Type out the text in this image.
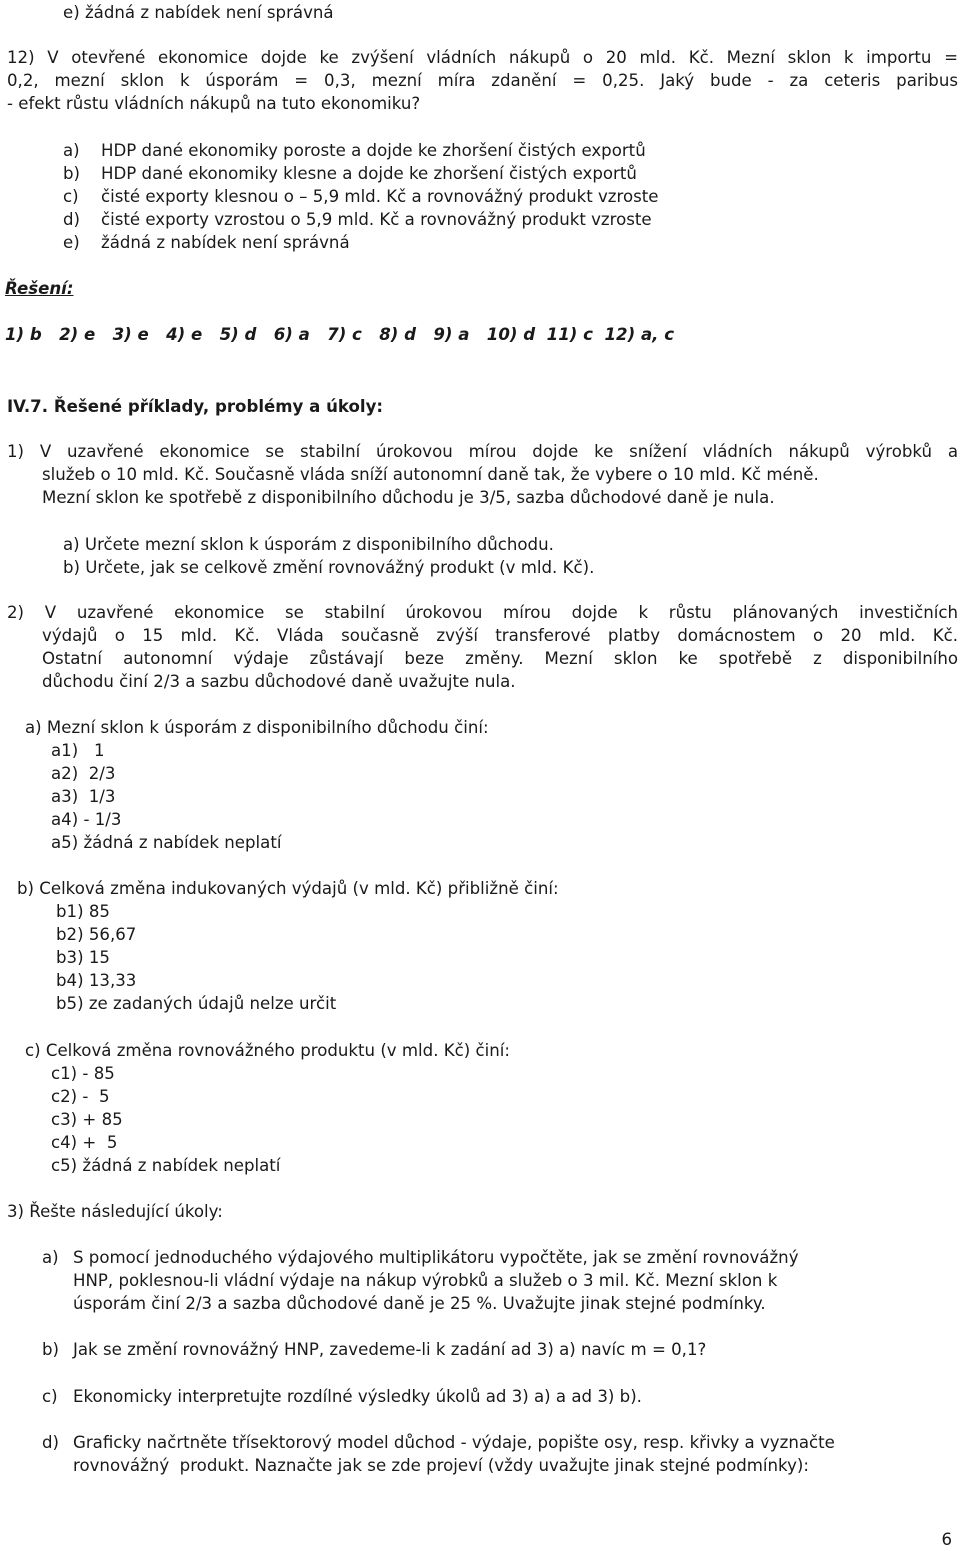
e) žádná z nabídek není správná
12) V otevřené ekonomice dojde ke zvýšení vládních nákupů o 20 mld. Kč. Mezní sklon k importu =
0,2, mezní sklon k úsporám = 0,3, mezní míra zdanění = 0,25. Jaký bude - za ceteris paribus
- efekt růstu vládních nákupů na tuto ekonomiku?
a) HDP dané ekonomiky poroste a dojde ke zhoršení čistých exportů
b) HDP dané ekonomiky klesne a dojde ke zhoršení čistých exportů
c) čisté exporty klesnou o – 5,9 mld. Kč a rovnovážný produkt vzroste
d) čisté exporty vzrostou o 5,9 mld. Kč a rovnovážný produkt vzroste
e) žádná z nabídek není správná
Řešení:
1) b   2) e   3) e   4) e   5) d   6) a   7) c   8) d   9) a   10) d  11) c  12) a, c
IV.7. Řešené příklady, problémy a úkoly:
1) V uzavřené ekonomice se stabilní úrokovou mírou dojde ke snížení vládních nákupů výrobků a
služeb o 10 mld. Kč. Současně vláda sníží autonomní daně tak, že vybere o 10 mld. Kč méně.
Mezní sklon ke spotřebě z disponibilního důchodu je 3/5, sazba důchodové daně je nula.
a) Určete mezní sklon k úsporám z disponibilního důchodu.
b) Určete, jak se celkově změní rovnovážný produkt (v mld. Kč).
2) V uzavřené ekonomice se stabilní úrokovou mírou dojde k růstu plánovaných investičních
výdajů o 15 mld. Kč. Vláda současně zvýší transferové platby domácnostem o 20 mld. Kč.
Ostatní autonomní výdaje zůstávají beze změny. Mezní sklon ke spotřebě z disponibilního
důchodu činí 2/3 a sazbu důchodové daně uvažujte nula.
a) Mezní sklon k úsporám z disponibilního důchodu činí:
a1)   1
a2)  2/3
a3)  1/3
a4) - 1/3
a5) žádná z nabídek neplatí
b) Celková změna indukovaných výdajů (v mld. Kč) přibližně činí:
b1) 85
b2) 56,67
b3) 15
b4) 13,33
b5) ze zadaných údajů nelze určit
c) Celková změna rovnovážného produktu (v mld. Kč) činí:
c1) - 85
c2) -  5
c3) + 85
c4) +  5
c5) žádná z nabídek neplatí
3) Řešte následující úkoly:
a) S pomocí jednoduchého výdajového multiplikátoru vypočtěte, jak se změní rovnovážný
HNP, poklesnou-li vládní výdaje na nákup výrobků a služeb o 3 mil. Kč. Mezní sklon k
úsporám činí 2/3 a sazba důchodové daně je 25 %. Uvažujte jinak stejné podmínky.
b) Jak se změní rovnovážný HNP, zavedeme-li k zadání ad 3) a) navíc m = 0,1?
c) Ekonomicky interpretujte rozdílné výsledky úkolů ad 3) a) a ad 3) b).
d) Graficky načrtněte třísektorový model důchod - výdaje, popište osy, resp. křivky a vyznačte
rovnovážný  produkt. Naznačte jak se zde projeví (vždy uvažujte jinak stejné podmínky):
6
